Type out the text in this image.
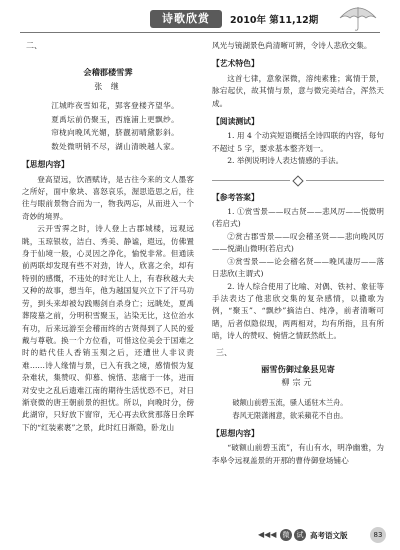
诗歌欣赏	2010年 第11,12期
二、
会稽郡楼雪霁
张 继

江城昨夜雪如花，郢客登楼齐望华。

夏禹坛前仍聚玉，西施浦上更飘纱。

帘栊向晚风光媚，脐靓初晴黛影斜。

数处微明销不尽，湖山清映越人家。

【思想内容】

登高望远，饮酒赋诗，是古往今来的文人墨客之所好，面中象块、喜怒哀乐，渥思造思之后，往往与眼前景物合而为一，物我两忘，从而进入一个奇妙的境界。

云开雪霁之时，诗人登上古郡城楼，远观远眺，玉琼银妆，洁白、秀美、静谧，遐远，仿佛置身于仙境一般，心灵因之净化，愉悦非常。但通读前两联却发现有些不对劲，诗人，欣喜之余，却有特别的感慨，不违处的时光让人上，有春秋越大夫又种的故事，想当年，他为越国复兴立下了汗马功劳，到头来却被勾践赐剑自杀身亡；远眺处，夏禹葬陵墓之前，分明积雪聚玉，沾染无比，这位治水有功，后来远游至会稽而终的古贤得到了人民的爱戴与尊敬。换一个方位看，可惜这位美会于国难之时的皓代佳人香销玉殒之后，还遭世人非议责难……诗人缘情与景，已入有我之境，感情恨为复杂难状，集赞叹、仰慕、惋惜、悲痛于一体，进而对安史之乱后遗难江南的期待生活忧恐不已，对日渐衰微的唐王朝前景的担忧。所以，向晚时分，傍此湖帘，只好放下窗帘，无心再去欣赏那落日余晖下的“红装素裹”之景，此时红日渐隐，卧龙山

风光与镜湖景色尚清晰可辨，令诗人悲欣交集。

【艺术特色】

这首七律，意象深微，溶纯素雅；寓情于景，脉宕起伏，故其情与景，意与微完美结合，浑然天成。

【阅读测试】

1. 用 4 个动宾短语概括全诗四联的内容，每句不超过 5 字，要求基本整齐划一。

2. 举例说明诗人表达情感的手法。

【参考答案】

1. ①赏雪景——叹古贤——悲风厉——悦微明(若启式)

②赏古郡雪景——叹会稽圣贤——悲向晚风厉——悦湖山微明(若启式)

③赏雪景——论会稽名贤——晚风凄厉——落日悲欣(主谓式)

2. 诗人综合使用了比喻、对偶、铁衬、象征等手法表达了他悲欣交集的复杂感情，以撒歌为例，“聚玉”、“飘纱”摘洁白、纯净，前者清晰可睹，后者似隐似现，两两相对，均有所指，且有所暗，诗人的赞叹、惋惜之情跃然纸上。

三、
丽雪伤御过象县见寄
柳宗元

破额山前碧玉流，骚人遥驻木兰舟。

春风无限潇湘意，欲采蘋花不自由。

【思想内容】

“破额山前碧玉流”，有山有水，明净幽雅，为李皋令远视盖景的开那的曹侍御登场铺心

◀◀◀ 微	试 高考语文版	83
